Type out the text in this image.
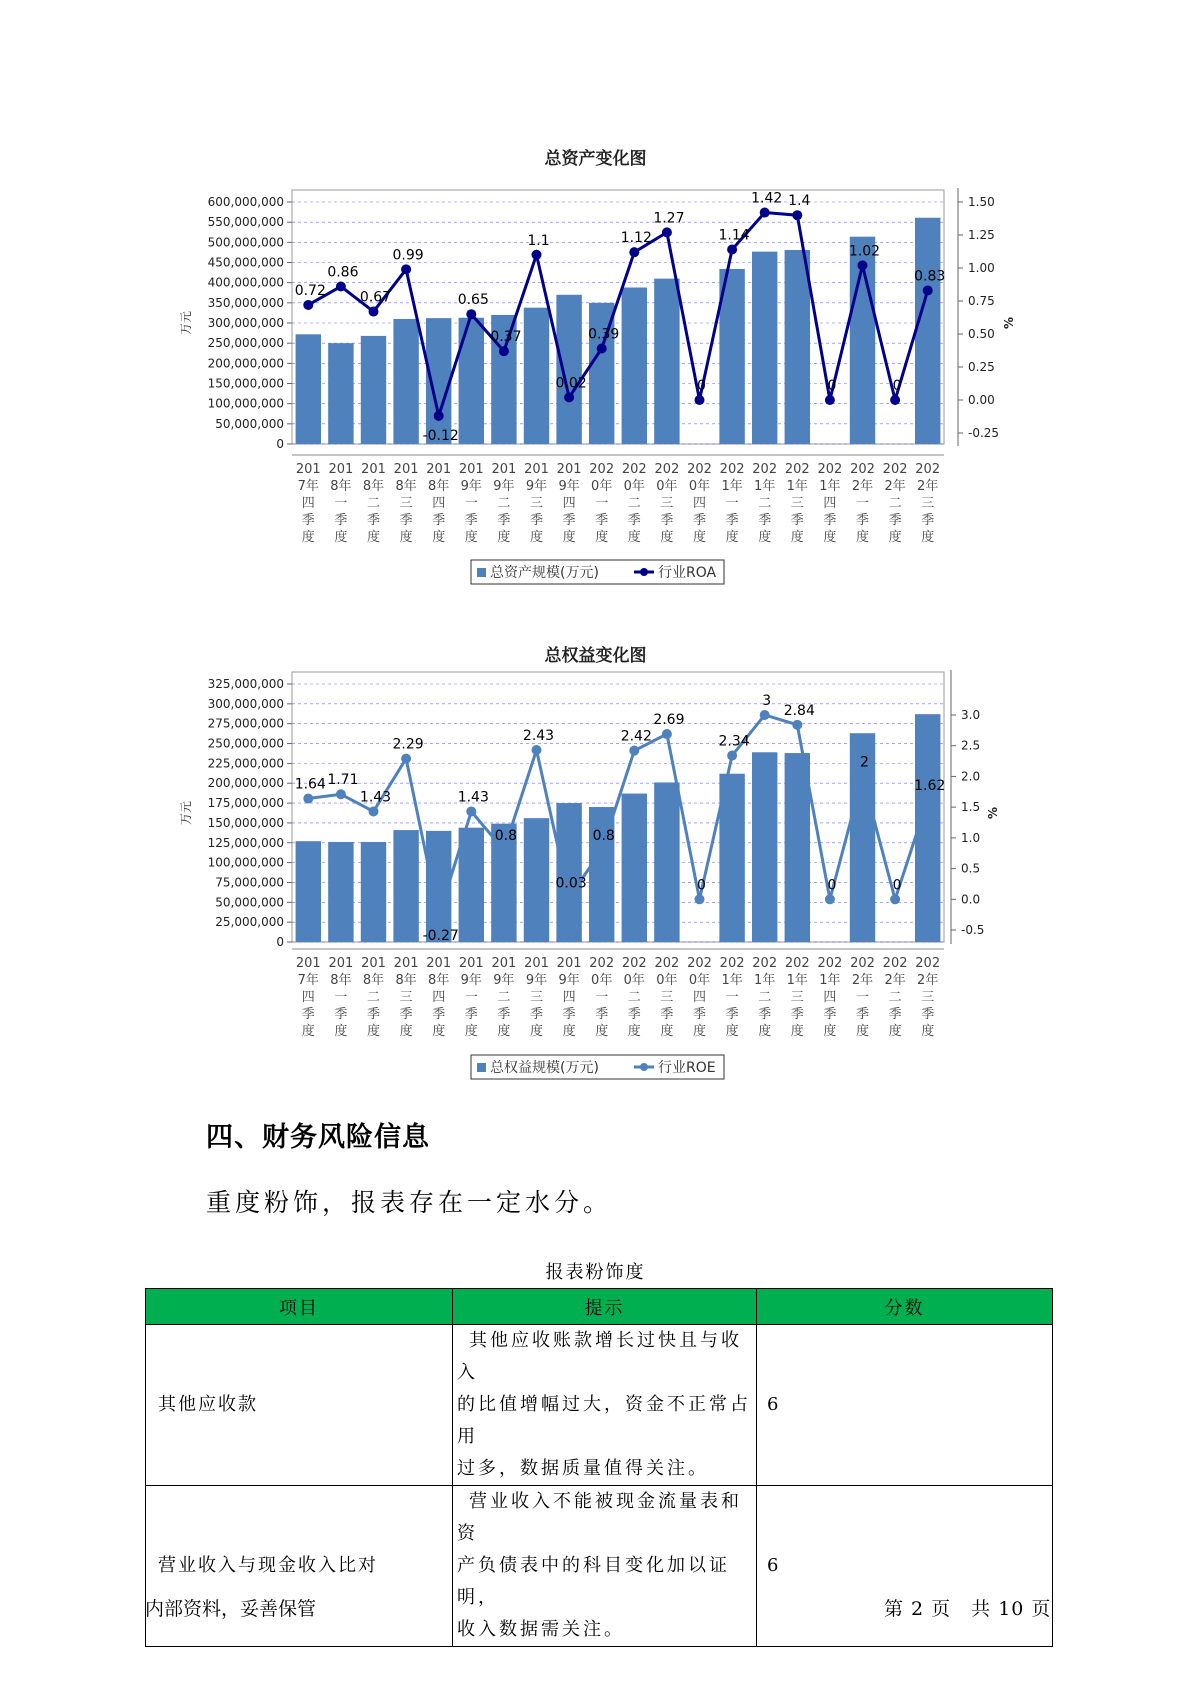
总资产变化图
600,000,000
550,000,000
500,000,000
450,000,000
400,000,000
350,000,000
300,000,000
250,000,000
200,000,000
150,000,000
100,000,000
50,000,000
0
万元
1.50
1.25
1.00
0.75
0.50
0.25
0.00
-0.25
%
201
7年
四
季
度
201
8年
一
季
度
201
8年
二
季
度
201
8年
三
季
度
201
8年
四
季
度
201
9年
一
季
度
201
9年
二
季
度
201
9年
三
季
度
201
9年
四
季
度
202
0年
一
季
度
202
0年
二
季
度
202
0年
三
季
度
202
0年
四
季
度
202
1年
一
季
度
202
1年
二
季
度
202
1年
三
季
度
202
1年
四
季
度
202
2年
一
季
度
202
2年
二
季
度
202
2年
三
季
度
0.72
0.86
0.67
0.99
-0.12
0.65
0.37
1.1
0.02
0.39
1.12
1.27
0
1.14
1.42 1.4
0
1.02
0
0.83
总资产规模(万元)	行业ROA
总权益变化图
325,000,000
300,000,000
275,000,000
250,000,000
225,000,000
200,000,000
175,000,000
150,000,000
125,000,000
100,000,000
75,000,000
50,000,000
25,000,000
0
万元
3.0
2.5
2.0
1.5
1.0
0.5
0.0
-0.5
%
201
7年
四
季
度
201
8年
一
季
度
201
8年
二
季
度
201
8年
三
季
度
201
8年
四
季
度
201
9年
一
季
度
201
9年
二
季
度
201
9年
三
季
度
201
9年
四
季
度
202
0年
一
季
度
202
0年
二
季
度
202
0年
三
季
度
202
0年
四
季
度
202
1年
一
季
度
202
1年
二
季
度
202
1年
三
季
度
202
1年
四
季
度
202
2年
一
季
度
202
2年
二
季
度
202
2年
三
季
度
1.64 1.71
1.43
2.29
-0.27
1.43
0.8
2.43
0.03
0.8
2.42
2.69
0
2.34
3
2.84
0
2
0
1.62
总权益规模(万元)	行业ROE
四、财务风险信息
重度粉饰，报表存在一定水分。
报表粉饰度
项目	提示	分数
其他应收款	其他应收账款增长过快且与收入
的比值增幅过大，资金不正常占用
过多，数据质量值得关注。	6
营业收入与现金收入比对	营业收入不能被现金流量表和资
产负债表中的科目变化加以证明，
收入数据需关注。	6
内部资料，妥善保管	第 2 页　共 10 页
